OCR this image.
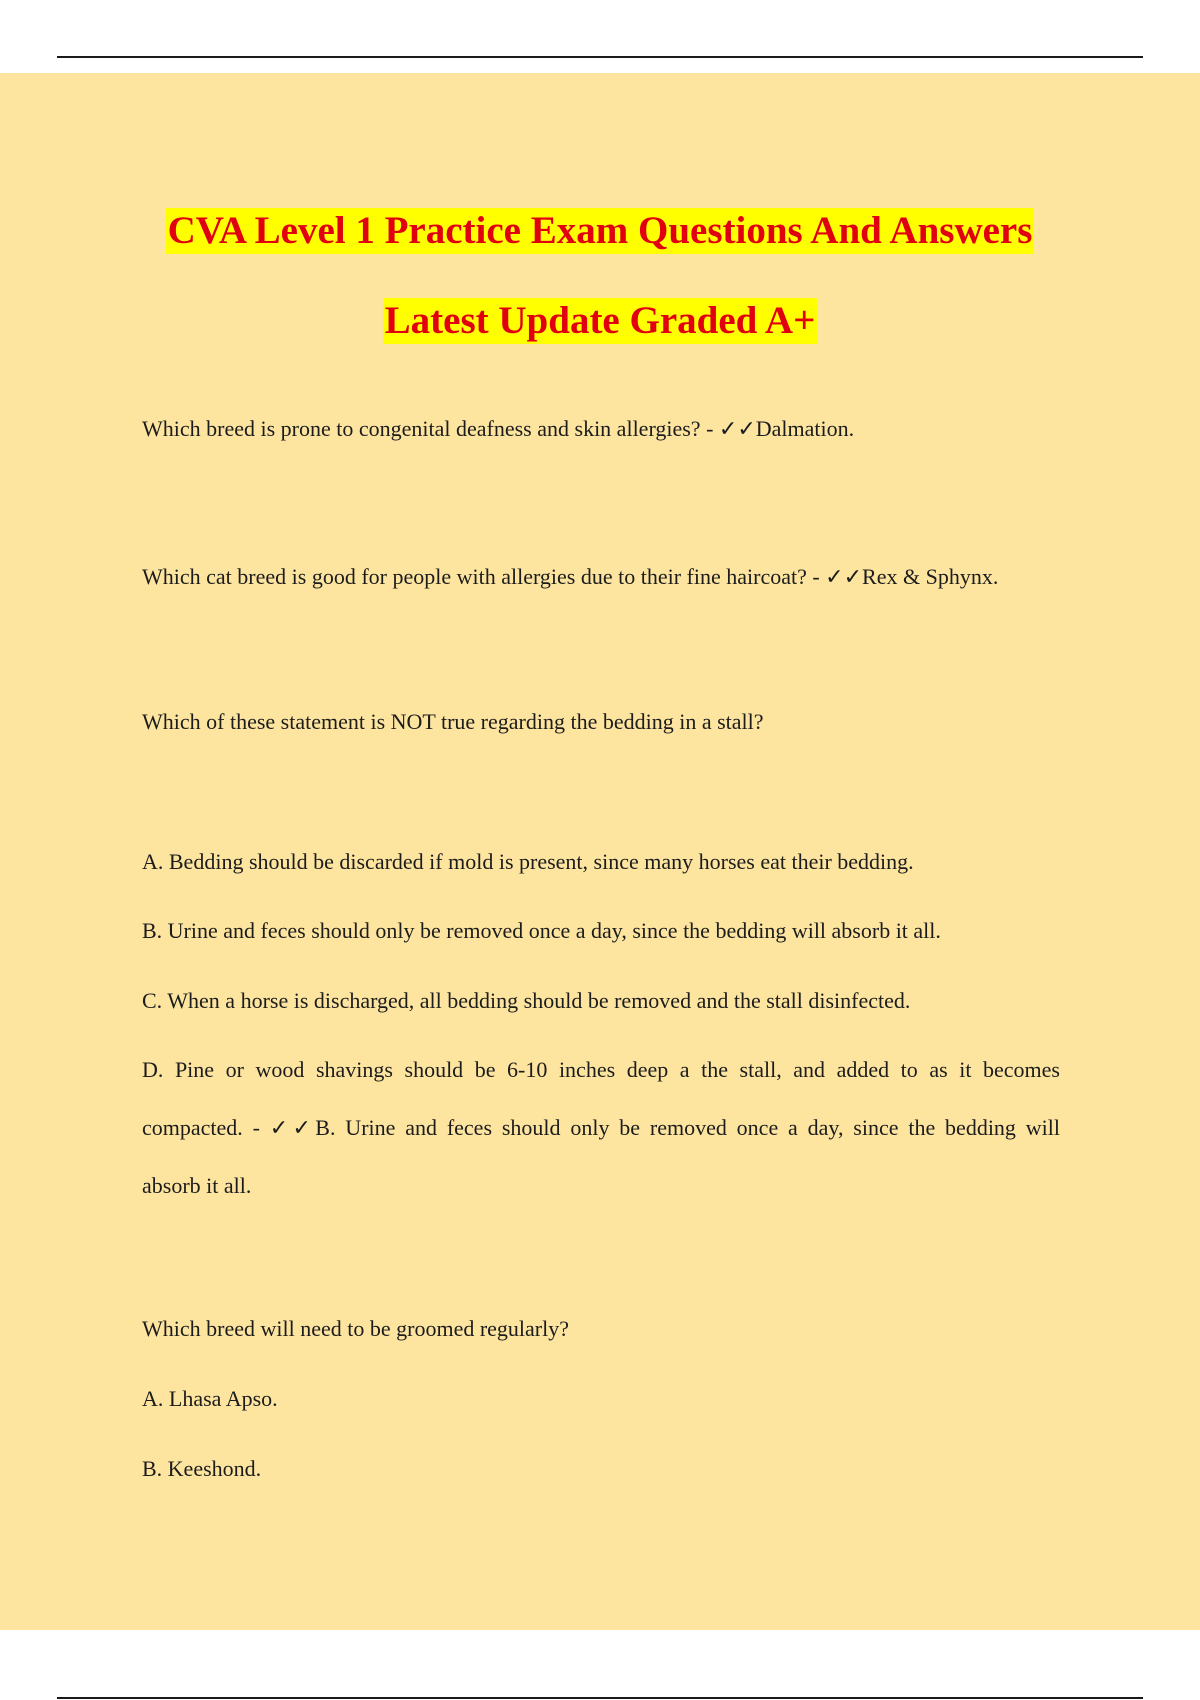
CVA Level 1 Practice Exam Questions And Answers
Latest Update Graded A+
Which breed is prone to congenital deafness and skin allergies? - ✓✓Dalmation.
Which cat breed is good for people with allergies due to their fine haircoat? - ✓✓Rex & Sphynx.
Which of these statement is NOT true regarding the bedding in a stall?
A. Bedding should be discarded if mold is present, since many horses eat their bedding.
B. Urine and feces should only be removed once a day, since the bedding will absorb it all.
C. When a horse is discharged, all bedding should be removed and the stall disinfected.
D. Pine or wood shavings should be 6-10 inches deep a the stall, and added to as it becomes
compacted. - ✓✓B. Urine and feces should only be removed once a day, since the bedding will
absorb it all.
Which breed will need to be groomed regularly?
A. Lhasa Apso.
B. Keeshond.
